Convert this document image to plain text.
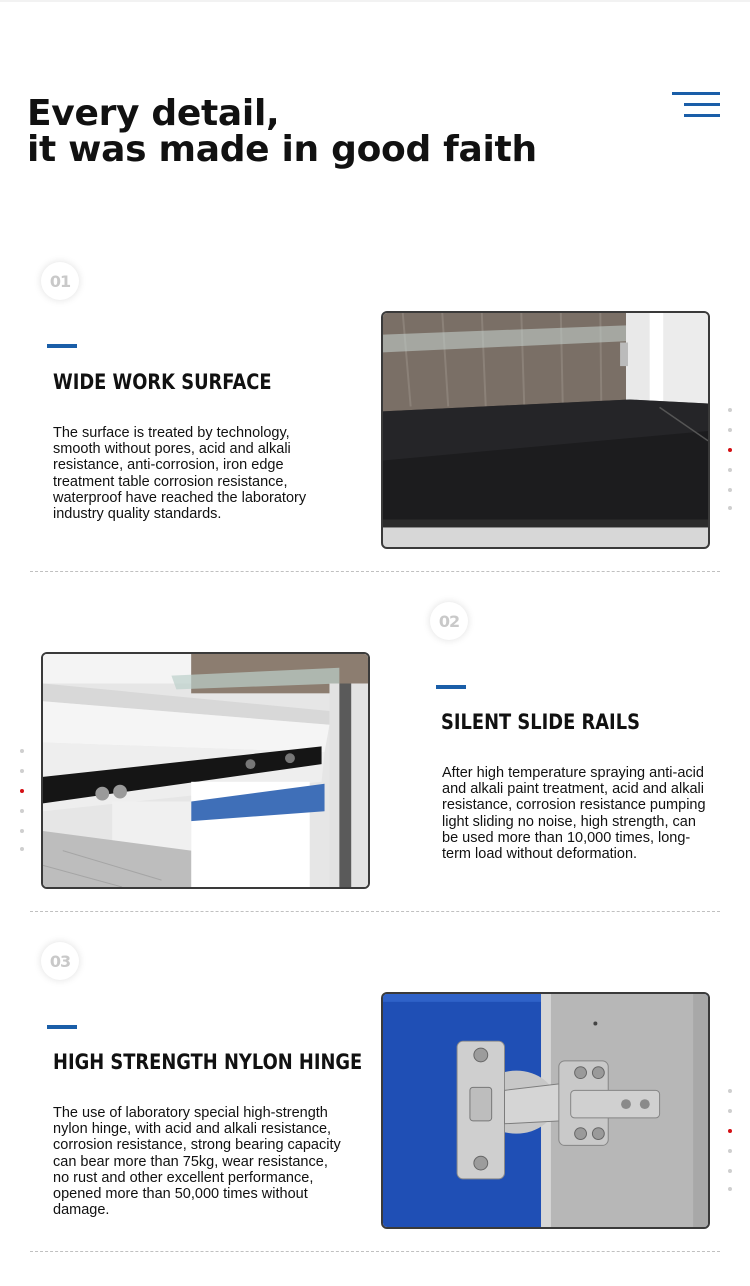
Every detail,
it was made in good faith
01
WIDE WORK SURFACE

The surface is treated by technology,
smooth without pores, acid and alkali
resistance, anti-corrosion, iron edge
treatment table corrosion resistance,
waterproof have reached the laboratory
industry quality standards.

02
SILENT SLIDE RAILS

After high temperature spraying anti-acid
and alkali paint treatment, acid and alkali
resistance, corrosion resistance pumping
light sliding no noise, high strength, can
be used more than 10,000 times, long-
term load without deformation.

03
HIGH STRENGTH NYLON HINGE

The use of laboratory special high-strength
nylon hinge, with acid and alkali resistance,
corrosion resistance, strong bearing capacity
can bear more than 75kg, wear resistance,
no rust and other excellent performance,
opened more than 50,000 times without
damage.
